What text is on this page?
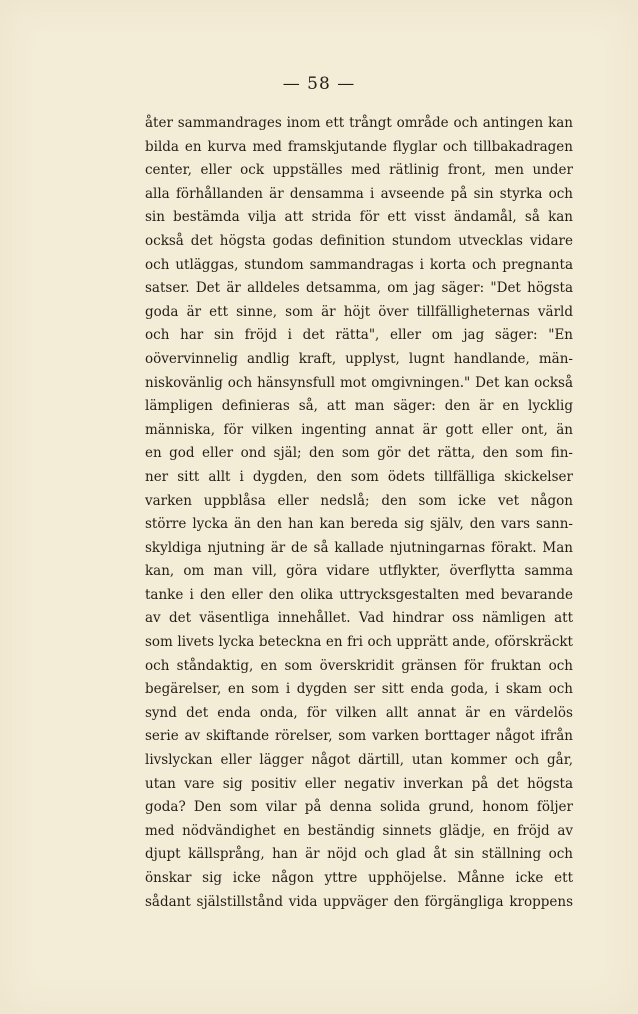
— 58 —
åter sammandrages inom ett trångt område och antingen kan
bilda en kurva med framskjutande flyglar och tillbakadragen
center, eller ock uppställes med rätlinig front, men under
alla förhållanden är densamma i avseende på sin styrka och
sin bestämda vilja att strida för ett visst ändamål, så kan
också det högsta godas definition stundom utvecklas vidare
och utläggas, stundom sammandragas i korta och pregnanta
satser. Det är alldeles detsamma, om jag säger: "Det högsta
goda är ett sinne, som är höjt över tillfälligheternas värld
och har sin fröjd i det rätta", eller om jag säger: "En
oövervinnelig andlig kraft, upplyst, lugnt handlande, män-
niskovänlig och hänsynsfull mot omgivningen." Det kan också
lämpligen definieras så, att man säger: den är en lycklig
människa, för vilken ingenting annat är gott eller ont, än
en god eller ond själ; den som gör det rätta, den som fin-
ner sitt allt i dygden, den som ödets tillfälliga skickelser
varken uppblåsa eller nedslå; den som icke vet någon
större lycka än den han kan bereda sig själv, den vars sann-
skyldiga njutning är de så kallade njutningarnas förakt. Man
kan, om man vill, göra vidare utflykter, överflytta samma
tanke i den eller den olika uttrycksgestalten med bevarande
av det väsentliga innehållet. Vad hindrar oss nämligen att
som livets lycka beteckna en fri och upprätt ande, oförskräckt
och ståndaktig, en som överskridit gränsen för fruktan och
begärelser, en som i dygden ser sitt enda goda, i skam och
synd det enda onda, för vilken allt annat är en värdelös
serie av skiftande rörelser, som varken borttager något ifrån
livslyckan eller lägger något därtill, utan kommer och går,
utan vare sig positiv eller negativ inverkan på det högsta
goda? Den som vilar på denna solida grund, honom följer
med nödvändighet en beständig sinnets glädje, en fröjd av
djupt källsprång, han är nöjd och glad åt sin ställning och
önskar sig icke någon yttre upphöjelse. Månne icke ett
sådant själstillstånd vida uppväger den förgängliga kroppens
